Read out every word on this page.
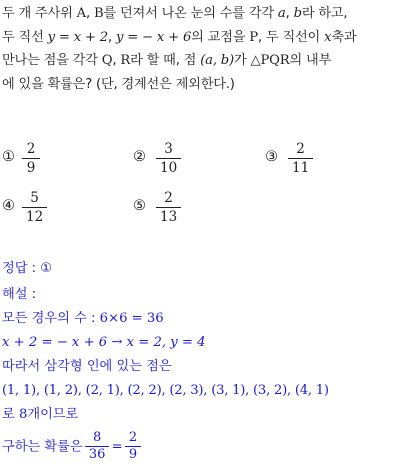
두 개 주사위 A, B를 던져서 나온 눈의 수를 각각 a, b라 하고,
두 직선 y = x + 2, y = − x + 6의 교점을 P, 두 직선이 x축과
만나는 점을 각각 Q, R라 할 때, 점 (a, b)가 △PQR의 내부
에 있을 확률은? (단, 경계선은 제외한다.)
① 2
9
② 3
10
③ 2
11
④ 5
12
⑤ 2
13
정답 : ①
해설 :
모든 경우의 수 : 6×6 = 36
x + 2 = − x + 6 → x = 2, y = 4
따라서 삼각형 인에 있는 점은
(1, 1), (1, 2), (2, 1), (2, 2), (2, 3), (3, 1), (3, 2), (4, 1)
로 8개이므로
구하는 확률은 $\frac{8}{36} = \frac{2}{9}$
